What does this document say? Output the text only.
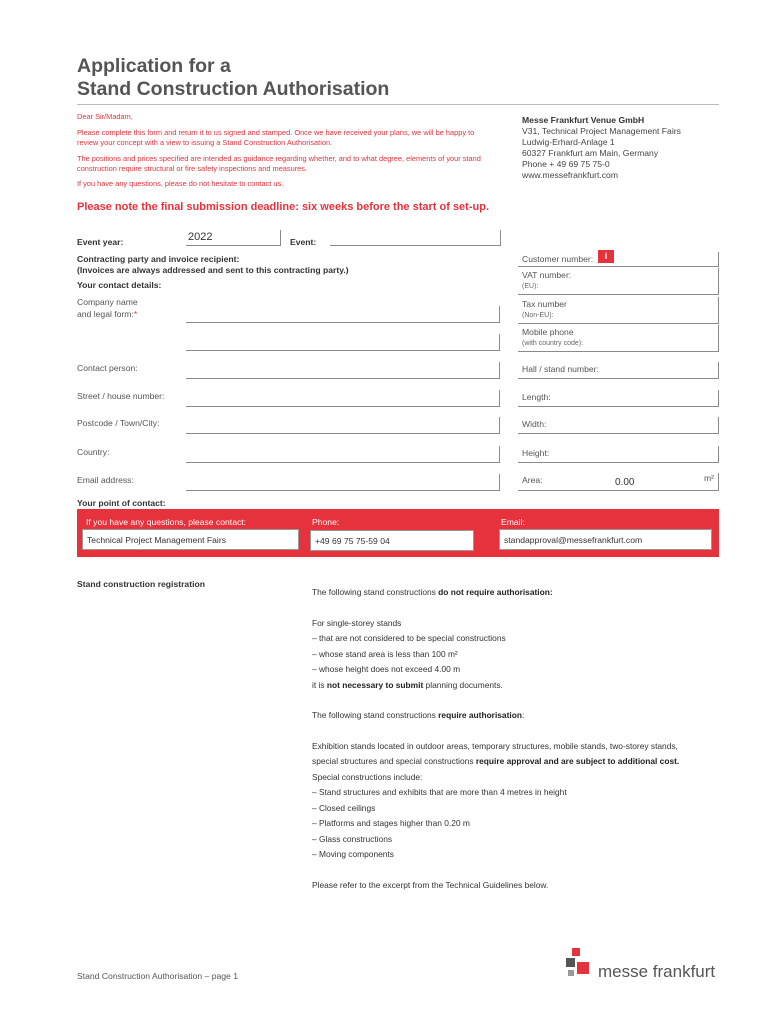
Application for a
Stand Construction Authorisation
Dear Sir/Madam,
Please complete this form and return it to us signed and stamped. Once we have received your plans, we will be happy to review your concept with a view to issuing a Stand Construction Authorisation.
The positions and prices specified are intended as guidance regarding whether, and to what degree, elements of your stand construction require structural or fire safety inspections and measures.
If you have any questions, please do not hesitate to contact us.
Messe Frankfurt Venue GmbH
V31, Technical Project Management Fairs
Ludwig-Erhard-Anlage 1
60327 Frankfurt am Main, Germany
Phone + 49 69 75 75-0
www.messefrankfurt.com
Please note the final submission deadline: six weeks before the start of set-up.
Event year:	2022	Event:
Contracting party and invoice recipient:
(Invoices are always addressed and sent to this contracting party.)
Your contact details:
Company name
and legal form:*
Contact person:
Street / house number:
Postcode / Town/City:
Country:
Email address:
Customer number:	i
VAT number:
(EU):
Tax number
(Non-EU):
Mobile phone
(with country code):
Hall / stand number:
Length:
Width:
Height:
Area:	0.00	m²
Your point of contact:
If you have any questions, please contact:	Phone:	Email:
Technical Project Management Fairs	+49 69 75 75-59 04	standapproval@messefrankfurt.com
Stand construction registration
The following stand constructions do not require authorisation:
For single-storey stands
– that are not considered to be special constructions
– whose stand area is less than 100 m²
– whose height does not exceed 4.00 m
it is not necessary to submit planning documents.
The following stand constructions require authorisation:
Exhibition stands located in outdoor areas, temporary structures, mobile stands, two-storey stands,
special structures and special constructions require approval and are subject to additional cost.
Special constructions include:
– Stand structures and exhibits that are more than 4 metres in height
– Closed ceilings
– Platforms and stages higher than 0.20 m
– Glass constructions
– Moving components
Please refer to the excerpt from the Technical Guidelines below.
Stand Construction Authorisation – page 1	messe frankfurt
